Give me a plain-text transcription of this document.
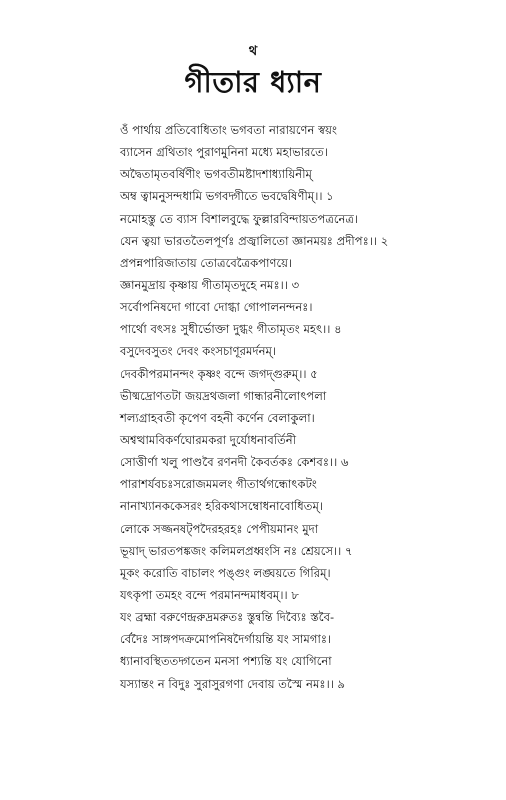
থ
গীতার ধ্যান
ওঁ পার্থায় প্রতিবোধিতাং ভগবতা নারায়ণেন স্বয়ং
ব্যাসেন গ্রথিতাং পুরাণমুনিনা মধ্যে মহাভারতে।
অদ্বৈতামৃতবর্ষিণীং ভগবতীমষ্টাদশাধ্যায়িনীম্
অম্ব ত্বামনুসন্দধামি ভগবদ্গীতে ভবদ্বেষিণীম্।। ১
নমোহস্তু তে ব্যাস বিশালবুদ্ধে ফুল্লারবিন্দায়তপত্রনেত্র।
যেন ত্বয়া ভারততৈলপূর্ণঃ প্রজ্বালিতো জ্ঞানময়ঃ প্রদীপঃ।। ২
প্রপন্নপারিজাতায় তোত্রবেত্রৈকপাণয়ে।
জ্ঞানমুদ্রায় কৃষ্ণায় গীতামৃতদুহে নমঃ।। ৩
সর্বোপনিষদো গাবো দোগ্ধা গোপালনন্দনঃ।
পার্থো বৎসঃ সুধীর্ভোক্তা দুগ্ধং গীতামৃতং মহৎ।। ৪
বসুদেবসুতং দেবং কংসচাণূরমর্দনম্।
দেবকীপরমানন্দং কৃষ্ণং বন্দে জগদ্গুরুম্।। ৫
ভীষ্মদ্রোণতটা জয়দ্রথজলা গান্ধারনীলোৎপলা
শল্যগ্রাহবতী কৃপেণ বহনী কর্ণেন বেলাকুলা।
অশ্বত্থামবিকর্ণঘোরমকরা দুর্যোধনাবর্তিনী
সোত্তীর্ণা খলু পাণ্ডবৈ রণনদী কৈবর্তকঃ কেশবঃ।। ৬
পারাশর্যবচঃসরোজমমলং গীতার্থগন্ধোৎকটং
নানাখ্যানককেসরং হরিকথাসম্বোধনাবোধিতম্।
লোকে সজ্জনষট্পদৈরহরহঃ পেপীয়মানং মুদা
ভূয়াদ্ ভারতপঙ্কজং কলিমলপ্রধ্বংসি নঃ শ্রেয়সে।। ৭
মূকং করোতি বাচালং পঙ্গুং লঙ্ঘয়তে গিরিম্।
যৎকৃপা তমহং বন্দে পরমানন্দমাধবম্।। ৮
যং ব্রহ্মা বরুণেন্দ্ররুদ্রমরুতঃ স্তুন্বন্তি দিব্যৈঃ স্তবৈ-
র্বেদৈঃ সাঙ্গপদক্রমোপনিষদৈর্গায়ন্তি যং সামগাঃ।
ধ্যানাবস্থিততদ্গতেন মনসা পশ্যন্তি যং যোগিনো
যস্যান্তং ন বিদুঃ সুরাসুরগণা দেবায় তস্মৈ নমঃ।। ৯
